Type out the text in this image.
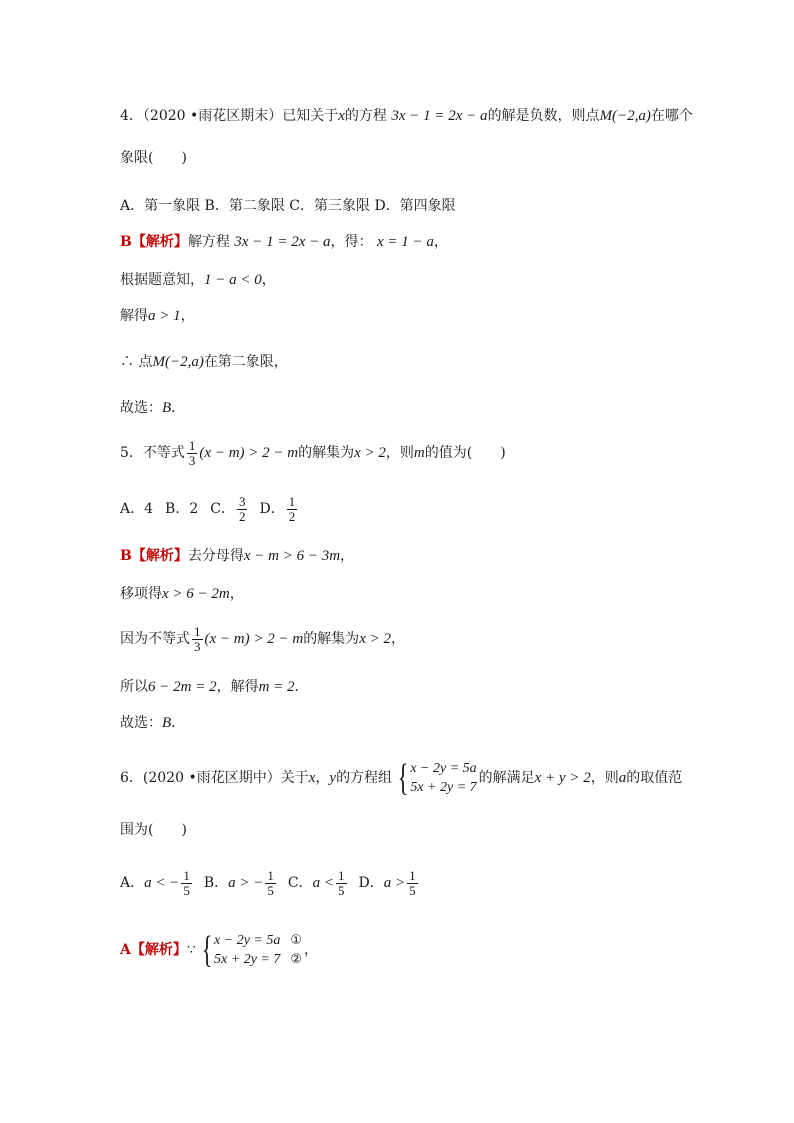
4．（2020 •雨花区期末）已知关于x的方程 3x − 1 = 2x − a的解是负数，则点M(−2,a)在哪个
象限(　　)
A．第一象限 B．第二象限 C．第三象限 D．第四象限
B【解析】解方程 3x − 1 = 2x − a，得： x = 1 − a，
根据题意知，1 − a < 0，
解得a > 1，
∴ 点M(−2,a)在第二象限，
故选：B．
5．不等式 $\frac{1}{3} (x - m) > 2 - m$的解集为x > 2，则m的值为(　　)
A．4 B．2 C． $\frac{3}{2}$ D． $\frac{1}{2}$
B【解析】去分母得x − m > 6 − 3m，
移项得x > 6 − 2m，
因为不等式 $\frac{1}{3} (x - m) > 2 - m$的解集为x > 2，
所以6 − 2m = 2，解得m = 2．
故选：B．
6．(2020 •雨花区期中）关于x，y的方程组 { x − 2y = 5a
5x + 2y = 7
的解满足x + y > 2，则a的取值范
围为(　　)
A．a < − $\frac{1}{5}$ B．a > − $\frac{1}{5}$ C．$a < \frac{1}{5}$ D．$a > \frac{1}{5}$
A【解析】∵ { x − 2y = 5a ①
5x + 2y = 7 ②
，
